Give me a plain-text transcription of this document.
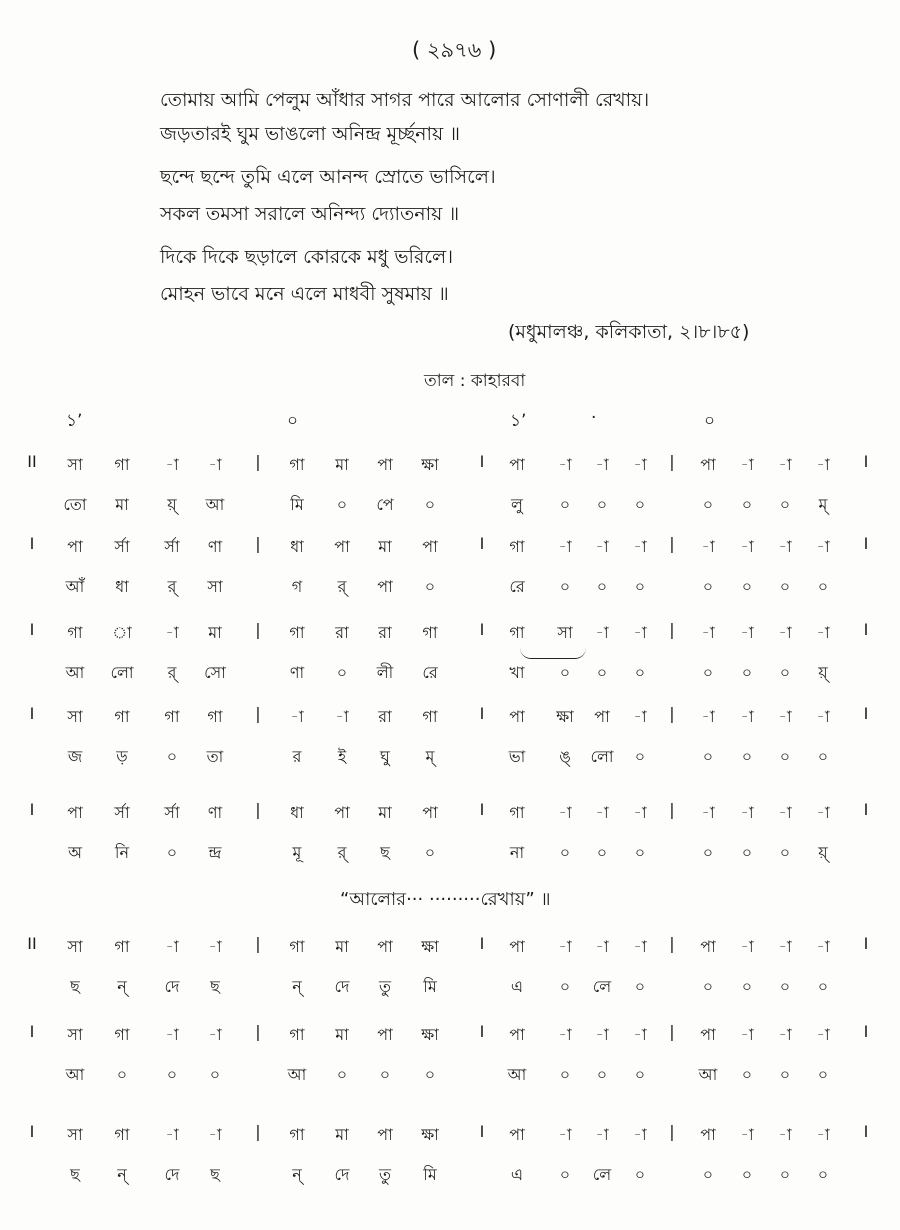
( ২৯৭৬ )
তোমায় আমি পেলুম আঁধার সাগর পারে আলোর সোণালী রেখায়।
জড়তারই ঘুম ভাঙলো অনিন্দ্র মূর্চ্ছনায় ॥
ছন্দে ছন্দে তুমি এলে আনন্দ স্রোতে ভাসিলে।
সকল তমসা সরালে অনিন্দ্য দ্যোতনায় ॥
দিকে দিকে ছড়ালে কোরকে মধু ভরিলে।
মোহন ভাবে মনে এলে মাধবী সুষমায় ॥
(মধুমালঞ্চ, কলিকাতা, ২।৮।৮৫)
তাল : কাহারবা
১ʼ	০	১ʼ	·	০
II সা গা -া -া | গা মা পা ক্ষা	I পা -া -া -া | পা -া -া -া I
তো মা য়্ আ	মি ০ পে ০	লু ০ ০ ০	০ ০ ০ ম্
I পা র্সা র্সা ণা | ধা পা মা পা	I গা -া -া -া | -া -া -া -া I
আঁ ধা র্ সা	গ র্ পা ০	রে ০ ০ ০	০ ০ ০ ০
I গা া -া মা | গা রা রা গা	I গা সা -া -া | -া -া -া -া I
আ লো র্ সো	ণা ০ লী রে	খা ০ ০ ০	০ ০ ০ য়্
I সা গা গা গা | -া -া রা গা	I পা ক্ষা পা -া | -া -া -া -া I
জ ড় ০ তা	র ই ঘু ম্	ভা ঙ্ লো ০	০ ০ ০ ০
I পা র্সা র্সা ণা | ধা পা মা পা	I গা -া -া -া | -া -া -া -া I
অ নি ০ ন্দ্র	মূ র্ ছ ০	না ০ ০ ০	০ ০ ০ য়্
II সা গা -া -া | গা মা পা ক্ষা	I পা -া -া -া | পা -া -া -া I
ছ ন্ দে ছ	ন্ দে তু মি	এ ০ লে ০	০ ০ ০ ০
I সা গা -া -া | গা মা পা ক্ষা	I পা -া -া -া | পা -া -া -া I
আ ০ ০ ০	আ ০ ০ ০	আ ০ ০ ০	আ ০ ০ ০
I সা গা -া -া | গা মা পা ক্ষা	I পা -া -া -া | পা -া -া -া I
ছ ন্ দে ছ	ন্ দে তু মি	এ ০ লে ০	০ ০ ০ ০
“আলোর··· ·········রেখায়” ॥
